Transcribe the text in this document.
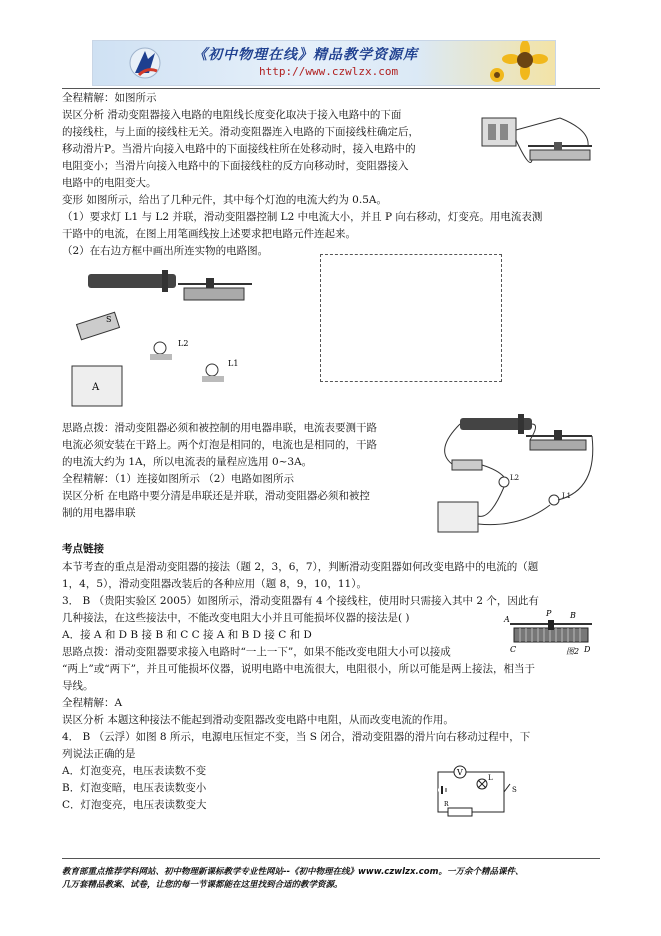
《初中物理在线》精品教学资源库
http://www.czwlzx.com
全程精解：如图所示
误区分析 滑动变阻器接入电路的电阻线长度变化取决于接入电路中的下面
的接线柱，与上面的接线柱无关。滑动变阻器连入电路的下面接线柱确定后，
移动滑片P。当滑片向接入电路中的下面接线柱所在处移动时，接入电路中的
电阻变小；当滑片向接入电路中的下面接线柱的反方向移动时，变阻器接入
电路中的电阻变大。
变形 如图所示，给出了几种元件，其中每个灯泡的电流大约为 0.5A。
（1）要求灯 L1 与 L2 并联，滑动变阻器控制 L2 中电流大小，并且 P 向右移动，灯变亮。用电流表测
干路中的电流，在图上用笔画线按上述要求把电路元件连起来。
（2）在右边方框中画出所连实物的电路图。
S
L2
L1
A
思路点拨：滑动变阻器必须和被控制的用电器串联，电流表要测干路
电流必须安装在干路上。两个灯泡是相同的，电流也是相同的，干路
的电流大约为 1A，所以电流表的量程应选用 0~3A。
全程精解：（1）连接如图所示 （2）电路如图所示
误区分析 在电路中要分清是串联还是并联，滑动变阻器必须和被控
制的用电器串联
L2
L1
考点链接
本节考查的重点是滑动变阻器的接法（题 2，3，6，7），判断滑动变阻器如何改变电路中的电流的（题
1，4，5），滑动变阻器改装后的各种应用（题 8，9，10，11）。
3． B （贵阳实验区 2005）如图所示，滑动变阻器有 4 个接线柱，使用时只需接入其中 2 个，因此有
几种接法，在这些接法中，不能改变电阻大小并且可能损坏仪器的接法是( )
A．接 A 和 D B 接 B 和 C C 接 A 和 B D 接 C 和 D
思路点拨：滑动变阻器要求接入电路时“一上一下”，如果不能改变电阻大小可以接成
“两上”或“两下”，并且可能损坏仪器，说明电路中电流很大，电阻很小，所以可能是两上接法，相当于
导线。
全程精解：A
误区分析 本题这种接法不能起到滑动变阻器改变电路中电阻，从而改变电流的作用。
4． B （云浮）如图 8 所示，电源电压恒定不变，当 S 闭合，滑动变阻器的滑片向右移动过程中，下
列说法正确的是
A．灯泡变亮，电压表读数不变
B．灯泡变暗，电压表读数变小
C．灯泡变亮，电压表读数变大
A	B
P
C	D
图2
V
L
S
R
教育部重点推荐学科网站、初中物理新课标教学专业性网站--《初中物理在线》www.czwlzx.com。一万余个精品课件、
几万套精品教案、试卷，让您的每一节课都能在这里找到合适的教学资源。
